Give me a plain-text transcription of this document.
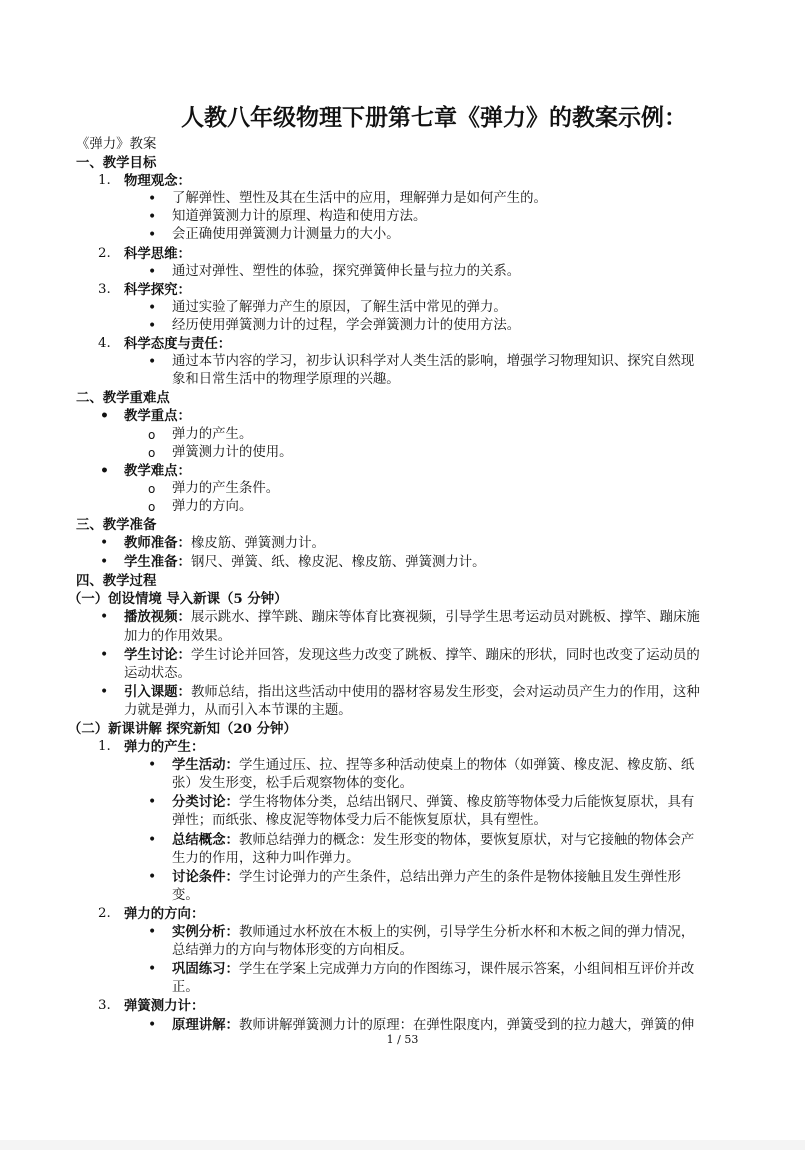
人教八年级物理下册第七章《弹力》的教案示例：
《弹力》教案
一、教学目标
1. 物理观念：
• 了解弹性、塑性及其在生活中的应用，理解弹力是如何产生的。
• 知道弹簧测力计的原理、构造和使用方法。
• 会正确使用弹簧测力计测量力的大小。
2. 科学思维：
• 通过对弹性、塑性的体验，探究弹簧伸长量与拉力的关系。
3. 科学探究：
• 通过实验了解弹力产生的原因，了解生活中常见的弹力。
• 经历使用弹簧测力计的过程，学会弹簧测力计的使用方法。
4. 科学态度与责任：
• 通过本节内容的学习，初步认识科学对人类生活的影响，增强学习物理知识、探究自然现
象和日常生活中的物理学原理的兴趣。
二、教学重难点
• 教学重点：
o 弹力的产生。
o 弹簧测力计的使用。
• 教学难点：
o 弹力的产生条件。
o 弹力的方向。
三、教学准备
• 教师准备：橡皮筋、弹簧测力计。
• 学生准备：钢尺、弹簧、纸、橡皮泥、橡皮筋、弹簧测力计。
四、教学过程
（一）创设情境 导入新课（5 分钟）
• 播放视频：展示跳水、撑竿跳、蹦床等体育比赛视频，引导学生思考运动员对跳板、撑竿、蹦床施
加力的作用效果。
• 学生讨论：学生讨论并回答，发现这些力改变了跳板、撑竿、蹦床的形状，同时也改变了运动员的
运动状态。
• 引入课题：教师总结，指出这些活动中使用的器材容易发生形变，会对运动员产生力的作用，这种
力就是弹力，从而引入本节课的主题。
（二）新课讲解 探究新知（20 分钟）
1. 弹力的产生：
• 学生活动：学生通过压、拉、捏等多种活动使桌上的物体（如弹簧、橡皮泥、橡皮筋、纸
张）发生形变，松手后观察物体的变化。
• 分类讨论：学生将物体分类，总结出钢尺、弹簧、橡皮筋等物体受力后能恢复原状，具有
弹性；而纸张、橡皮泥等物体受力后不能恢复原状，具有塑性。
• 总结概念：教师总结弹力的概念：发生形变的物体，要恢复原状，对与它接触的物体会产
生力的作用，这种力叫作弹力。
• 讨论条件：学生讨论弹力的产生条件，总结出弹力产生的条件是物体接触且发生弹性形
变。
2. 弹力的方向：
• 实例分析：教师通过水杯放在木板上的实例，引导学生分析水杯和木板之间的弹力情况，
总结弹力的方向与物体形变的方向相反。
• 巩固练习：学生在学案上完成弹力方向的作图练习，课件展示答案，小组间相互评价并改
正。
3. 弹簧测力计：
• 原理讲解：教师讲解弹簧测力计的原理：在弹性限度内，弹簧受到的拉力越大，弹簧的伸
1 / 53
